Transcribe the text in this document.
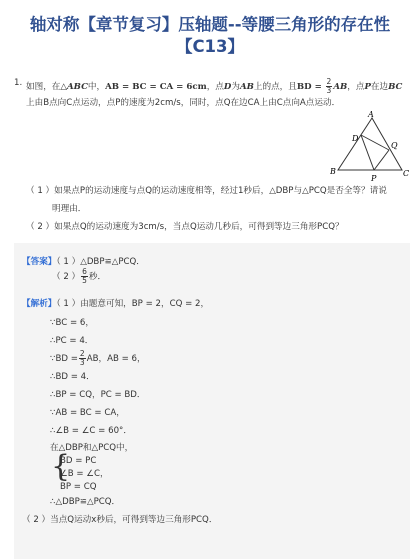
轴对称【章节复习】压轴题--等腰三角形的存在性
【C13】
1. 如图，在△ABC中，AB = BC = CA = 6cm，点D为AB上的点，且BD = $\frac{2}{3}$ AB，点P在边BC
上由B点向C点运动，点P的速度为2cm/s，同时，点Q在边CA上由C点向A点运动．
A
D
Q
B
P
C
（ 1 ）如果点P的运动速度与点Q的运动速度相等，经过1秒后，△DBP与△PCQ是否全等？请说
明理由．
（ 2 ）如果点Q的运动速度为3cm/s，当点Q运动几秒后，可得到等边三角形PCQ？
【答案】（ 1 ）△DBP≌△PCQ．
（ 2 ） $\frac{6}{5}$ 秒．
【解析】（ 1 ）由题意可知，BP = 2，CQ = 2，
∵BC = 6，
∴PC = 4．
∵BD = $\frac{2}{3}$ AB，AB = 6，
∴BD = 4．
∴BP = CQ，PC = BD．
∵AB = BC = CA，
∴∠B = ∠C = 60°．
在△DBP和△PCQ中，
{
BD = PC
∠B = ∠C，
BP = CQ
∴△DBP≌△PCQ．
（ 2 ）当点Q运动x秒后，可得到等边三角形PCQ．
